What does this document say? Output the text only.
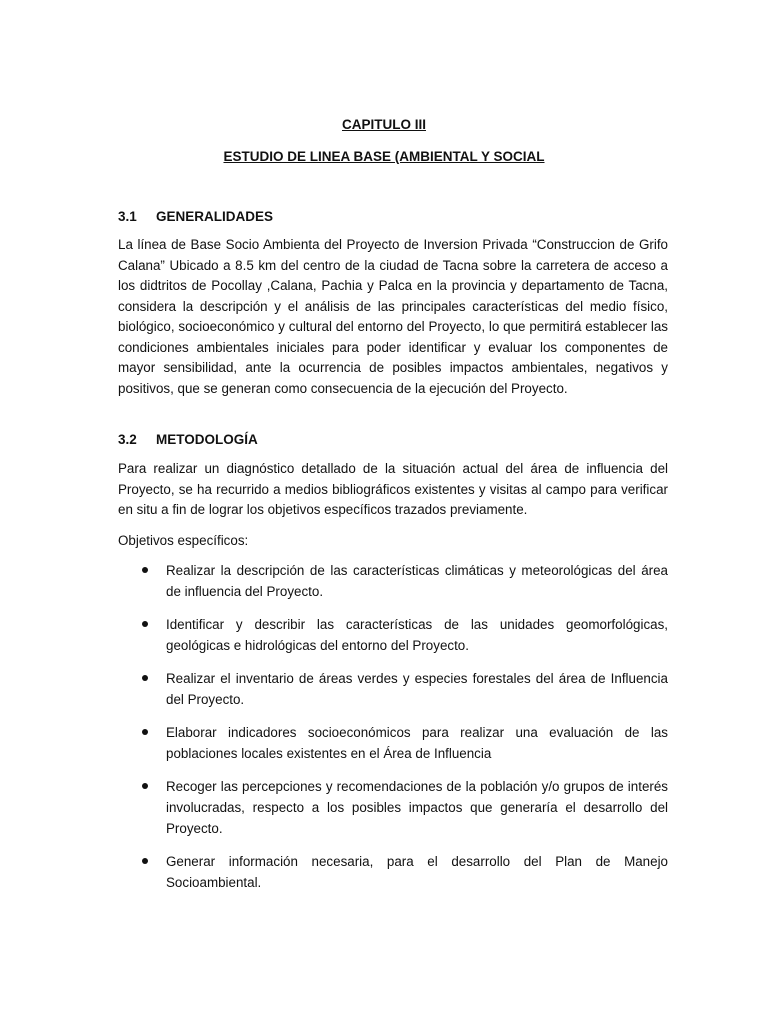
CAPITULO III
ESTUDIO DE LINEA BASE (AMBIENTAL Y SOCIAL
3.1 GENERALIDADES

La línea de Base Socio Ambienta del Proyecto de Inversion Privada “Construccion de Grifo Calana” Ubicado a 8.5 km del centro de la ciudad de Tacna sobre la carretera de acceso a los didtritos de Pocollay ,Calana, Pachia y Palca en la provincia y departamento de Tacna, considera la descripción y el análisis de las principales características del medio físico, biológico, socioeconómico y cultural del entorno del Proyecto, lo que permitirá establecer las condiciones ambientales iniciales para poder identificar y evaluar los componentes de mayor sensibilidad, ante la ocurrencia de posibles impactos ambientales, negativos y positivos, que se generan como consecuencia de la ejecución del Proyecto.

3.2 METODOLOGÍA

Para realizar un diagnóstico detallado de la situación actual del área de influencia del Proyecto, se ha recurrido a medios bibliográficos existentes y visitas al campo para verificar en situ a fin de lograr los objetivos específicos trazados previamente.

Objetivos específicos:

Realizar la descripción de las características climáticas y meteorológicas del área de influencia del Proyecto.
Identificar y describir las características de las unidades geomorfológicas, geológicas e hidrológicas del entorno del Proyecto.
Realizar el inventario de áreas verdes y especies forestales del área de Influencia del Proyecto.
Elaborar indicadores socioeconómicos para realizar una evaluación de las poblaciones locales existentes en el Área de Influencia
Recoger las percepciones y recomendaciones de la población y/o grupos de interés involucradas, respecto a los posibles impactos que generaría el desarrollo del Proyecto.
Generar información necesaria, para el desarrollo del Plan de Manejo Socioambiental.
